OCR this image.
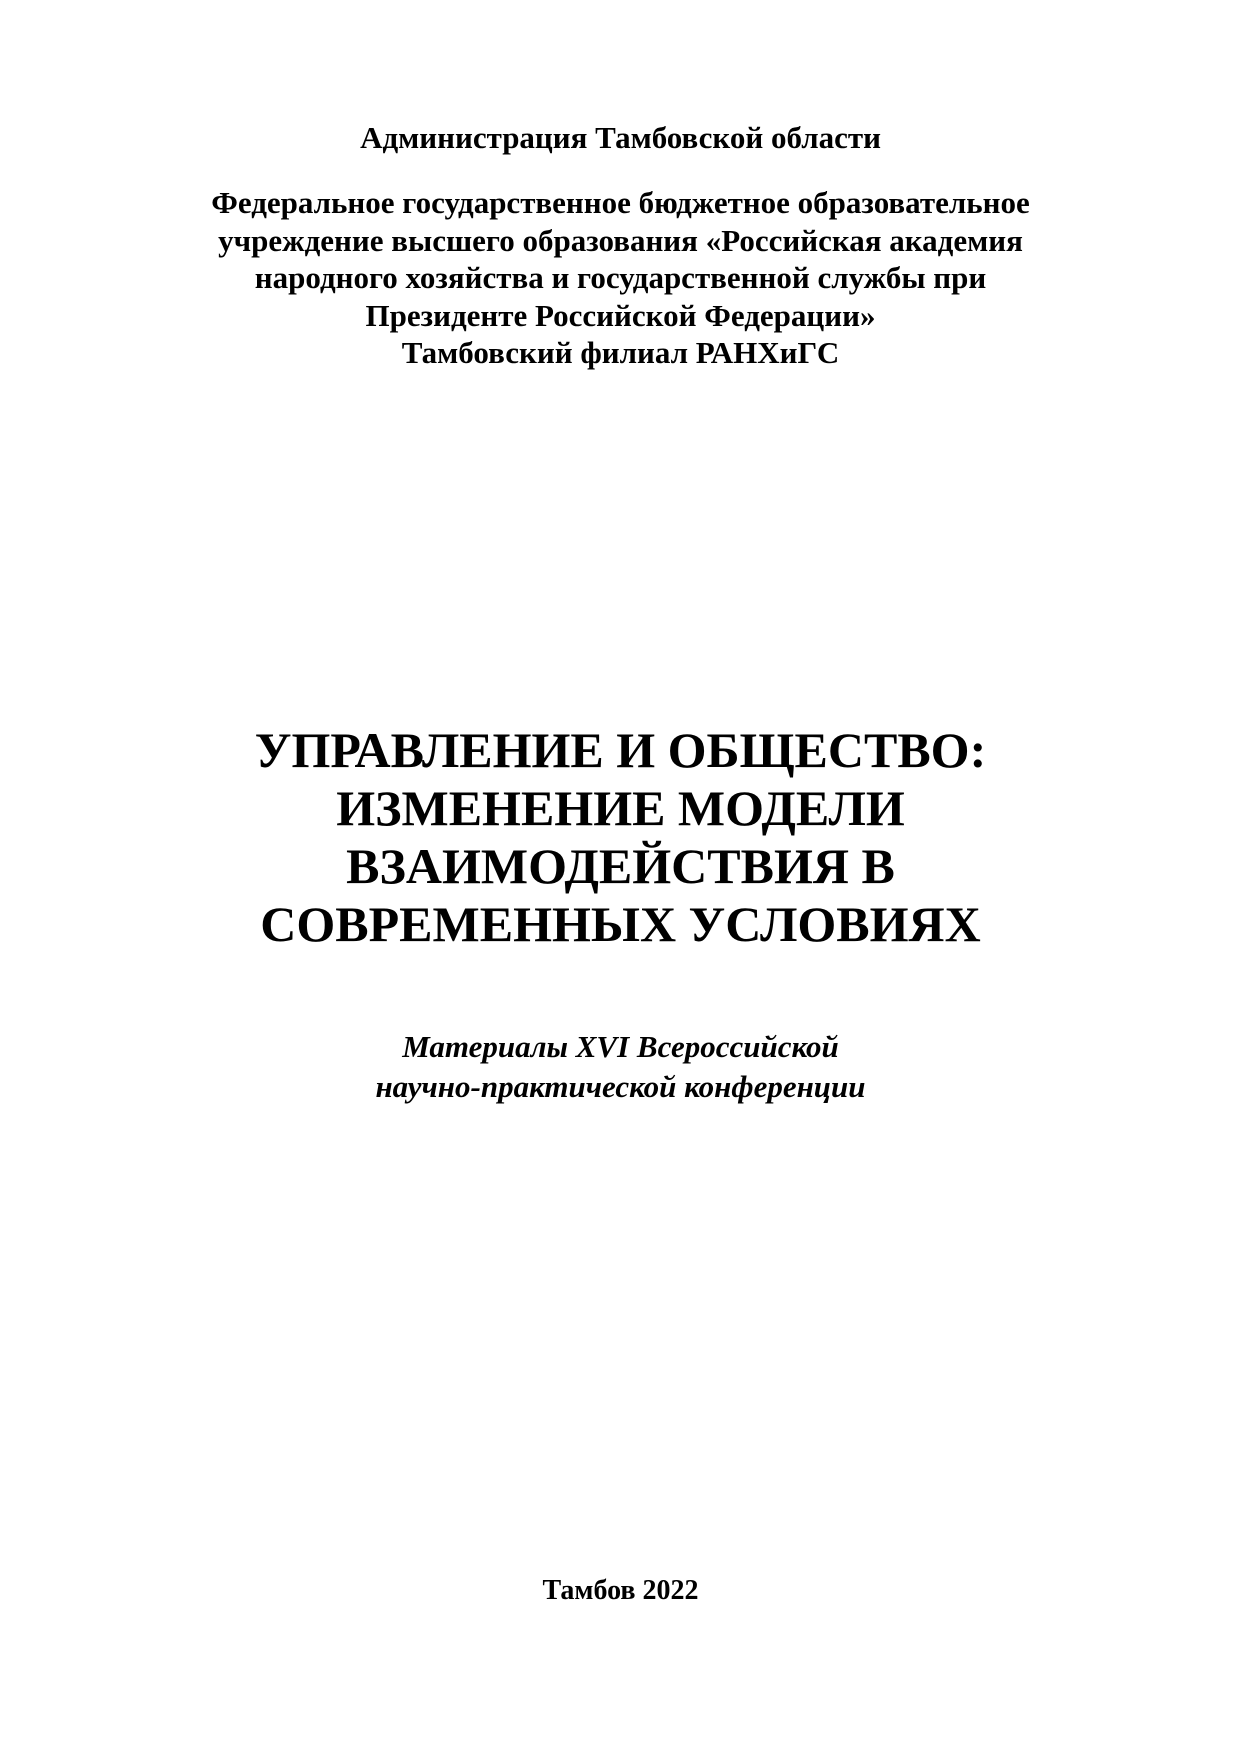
Администрация Тамбовской области
Федеральное государственное бюджетное образовательное
учреждение высшего образования «Российская академия
народного хозяйства и государственной службы при
Президенте Российской Федерации»
Тамбовский филиал РАНХиГС
УПРАВЛЕНИЕ И ОБЩЕСТВО:
ИЗМЕНЕНИЕ МОДЕЛИ
ВЗАИМОДЕЙСТВИЯ В
СОВРЕМЕННЫХ УСЛОВИЯХ
Материалы XVI Всероссийской
научно-практической конференции
Тамбов 2022
